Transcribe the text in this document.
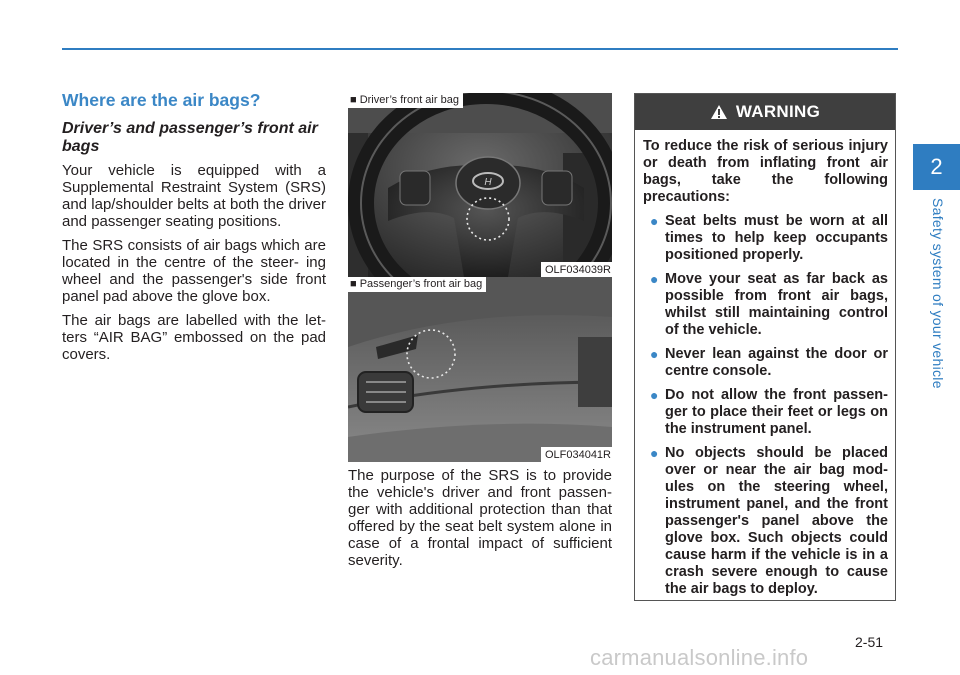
Where are the air bags?
Driver’s and passenger’s front air bags

Your vehicle is equipped with a Supplemental Restraint System (SRS) and lap/shoulder belts at both the driver and passenger seating positions.

The SRS consists of air bags which are located in the centre of the steer- ing wheel and the passenger's side front panel pad above the glove box.

The air bags are labelled with the let- ters “AIR BAG” embossed on the pad covers.

H
■ Driver’s front air bag
OLF034039R
■ Passenger’s front air bag
OLF034041R

The purpose of the SRS is to provide the vehicle's driver and front passen- ger with additional protection than that offered by the seat belt system alone in case of a frontal impact of sufficient severity.

WARNING

To reduce the risk of serious injury or death from inflating front air bags, take the following precautions:

● Seat belts must be worn at all times to help keep occupants positioned properly.
● Move your seat as far back as possible from front air bags, whilst still maintaining control of the vehicle.
● Never lean against the door or centre console.
● Do not allow the front passen- ger to place their feet or legs on the instrument panel.
● No objects should be placed over or near the air bag mod- ules on the steering wheel, instrument panel, and the front passenger's panel above the glove box. Such objects could cause harm if the vehicle is in a crash severe enough to cause the air bags to deploy.
2
Safety system of your vehicle
2-51
carmanualsonline.info
